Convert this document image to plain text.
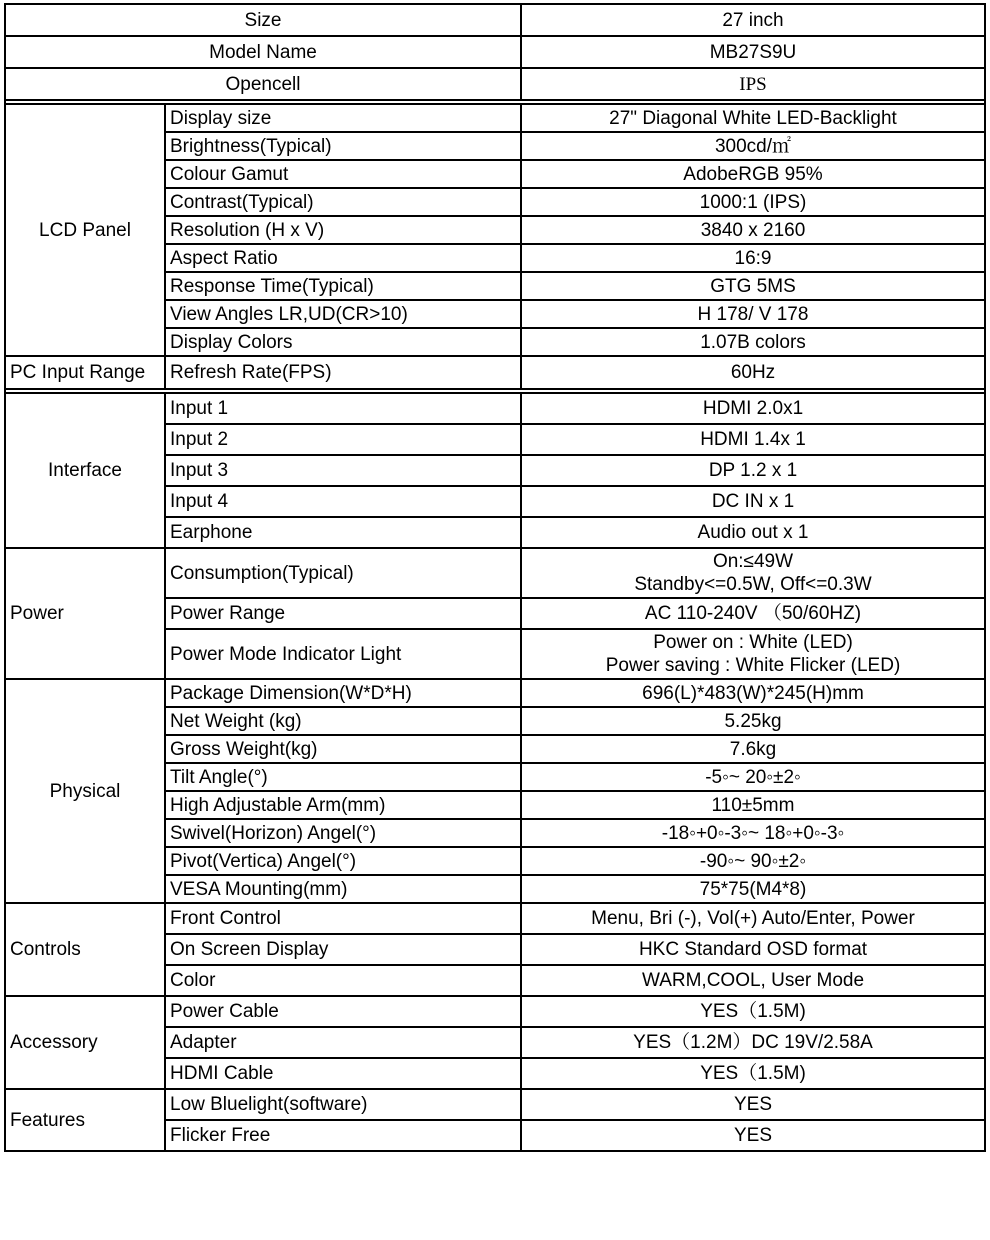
Size		27 inch
Model Name		MB27S9U
Opencell		IPS

LCD Panel	Display size	27" Diagonal White LED-Backlight
	Brightness(Typical)	300cd/㎡
	Colour Gamut	AdobeRGB 95%
	Contrast(Typical)	1000:1 (IPS)
	Resolution (H x V)	3840 x 2160
	Aspect Ratio	16:9
	Response Time(Typical)	GTG 5MS
	View Angles LR,UD(CR>10)	H 178/ V 178
	Display Colors	1.07B colors
PC Input Range	Refresh Rate(FPS)	60Hz

Interface	Input 1	HDMI 2.0x1
	Input 2	HDMI 1.4x 1
	Input 3	DP 1.2 x 1
	Input 4	DC IN x 1
	Earphone	Audio out x 1
Power	Consumption(Typical)	On:≤49W
Standby<=0.5W, Off<=0.3W

	Power Range	AC 110-240V （50/60HZ)
	Power Mode Indicator Light	Power on : White (LED)
Power saving : White Flicker (LED)

Physical	Package Dimension(W*D*H)	696(L)*483(W)*245(H)mm
	Net Weight (kg)	5.25kg
	Gross Weight(kg)	7.6kg
	Tilt Angle(°)	-5◦~ 20◦±2◦
	High Adjustable Arm(mm)	110±5mm
	Swivel(Horizon) Angel(°)	-18◦+0◦-3◦~ 18◦+0◦-3◦
	Pivot(Vertica) Angel(°)	-90◦~ 90◦±2◦
	VESA Mounting(mm)	75*75(M4*8)
Controls	Front Control	Menu, Bri (-), Vol(+) Auto/Enter, Power
	On Screen Display	HKC Standard OSD format
	Color	WARM,COOL, User Mode
Accessory	Power Cable	YES（1.5M)
	Adapter	YES（1.2M）DC 19V/2.58A
	HDMI Cable	YES（1.5M)
Features	Low Bluelight(software)	YES
	Flicker Free	YES
